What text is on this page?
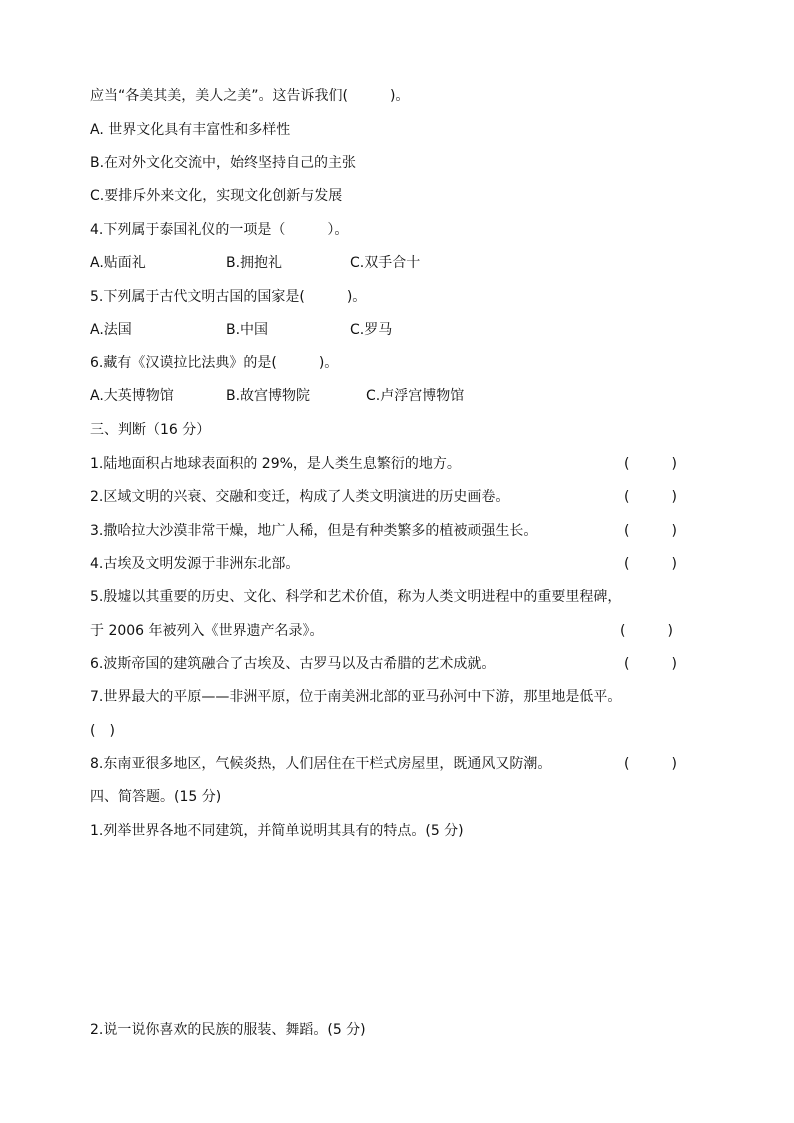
应当“各美其美，美人之美”。这告诉我们(　　　)。
A. 世界文化具有丰富性和多样性
B.在对外文化交流中，始终坚持自己的主张
C.要排斥外来文化，实现文化创新与发展
4.下列属于泰国礼仪的一项是（　　　）。
A.贴面礼	B.拥抱礼	C.双手合十
5.下列属于古代文明古国的国家是(　　　)。
A.法国	B.中国	C.罗马
6.藏有《汉谟拉比法典》的是(　　　)。
A.大英博物馆	B.故宫博物院	C.卢浮宫博物馆
三、判断（16 分）
1.陆地面积占地球表面积的 29%，是人类生息繁衍的地方。	(　　　)
2.区域文明的兴衰、交融和变迁，构成了人类文明演进的历史画卷。	(　　　)
3.撒哈拉大沙漠非常干燥，地广人稀，但是有种类繁多的植被顽强生长。	(　　　)
4.古埃及文明发源于非洲东北部。	(　　　)
5.殷墟以其重要的历史、文化、科学和艺术价值，称为人类文明进程中的重要里程碑，
于 2006 年被列入《世界遗产名录》。	(　　　)
6.波斯帝国的建筑融合了古埃及、古罗马以及古希腊的艺术成就。	(　　　)
7.世界最大的平原——非洲平原，位于南美洲北部的亚马孙河中下游，那里地是低平。
(　)
8.东南亚很多地区，气候炎热，人们居住在干栏式房屋里，既通风又防潮。	(　　　)
四、简答题。(15 分)
1.列举世界各地不同建筑，并简单说明其具有的特点。(5 分)
2.说一说你喜欢的民族的服装、舞蹈。(5 分)
